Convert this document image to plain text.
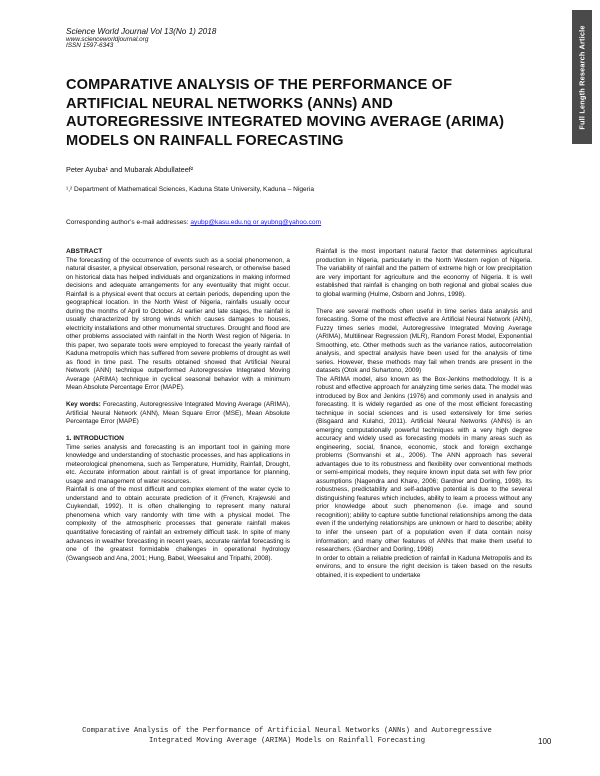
Science World Journal Vol 13(No 1) 2018
www.scienceworldjournal.org
ISSN 1597-6343	Full Length Research Article
COMPARATIVE ANALYSIS OF THE PERFORMANCE OF ARTIFICIAL NEURAL NETWORKS (ANNs) AND AUTOREGRESSIVE INTEGRATED MOVING AVERAGE (ARIMA) MODELS ON RAINFALL FORECASTING
Peter Ayuba¹ and Mubarak Abdullateef²
¹,² Department of Mathematical Sciences, Kaduna State University, Kaduna – Nigeria
Corresponding author’s e-mail addresses: ayubp@kasu.edu.ng or ayubng@yahoo.com

ABSTRACT

The forecasting of the occurrence of events such as a social phenomenon, a natural disaster, a physical observation, personal research, or otherwise based on historical data has helped individuals and organizations in making informed decisions and adequate arrangements for any eventuality that might occur. Rainfall is a physical event that occurs at certain periods, depending upon the geographical location. In the North West of Nigeria, rainfalls usually occur during the months of April to October. At earlier and late stages, the rainfall is usually characterized by strong winds which causes damages to houses, electricity installations and other monumental structures. Drought and flood are other problems associated with rainfall in the North West region of Nigeria. In this paper, two separate tools were employed to forecast the yearly rainfall of Kaduna metropolis which has suffered from severe problems of drought as well as flood in time past. The results obtained showed that Artificial Neural Network (ANN) technique outperformed Autoregressive Integrated Moving Average (ARIMA) technique in cyclical seasonal behavior with a minimum Mean Absolute Percentage Error (MAPE).

Key words: Forecasting, Autoregressive Integrated Moving Average (ARIMA), Artificial Neural Network (ANN), Mean Square Error (MSE), Mean Absolute Percentage Error (MAPE)

1. INTRODUCTION

Time series analysis and forecasting is an important tool in gaining more knowledge and understanding of stochastic processes, and has applications in meteorological phenomena, such as Temperature, Humidity, Rainfall, Drought, etc. Accurate information about rainfall is of great importance for planning, usage and management of water resources.

Rainfall is one of the most difficult and complex element of the water cycle to understand and to obtain accurate prediction of it (French, Krajewski and Cuykendall, 1992). It is often challenging to represent many natural phenomena which vary randomly with time with a physical model. The complexity of the atmospheric processes that generate rainfall makes quantitative forecasting of rainfall an extremely difficult task. In spite of many advances in weather forecasting in recent years, accurate rainfall forecasting is one of the greatest formidable challenges in operational hydrology (Gwangseob and Ana, 2001; Hung, Babel, Weesakul and Tripathi, 2008).

Rainfall is the most important natural factor that determines agricultural production in Nigeria, particularly in the North Western region of Nigeria. The variability of rainfall and the pattern of extreme high or low precipitation are very important for agriculture and the economy of Nigeria. It is well established that rainfall is changing on both regional and global scales due to global warming (Hulme, Osborn and Johns, 1998).

There are several methods often useful in time series data analysis and forecasting. Some of the most effective are Artificial Neural Network (ANN), Fuzzy times series model, Autoregressive Integrated Moving Average (ARIMA), Multilinear Regression (MLR), Random Forest Model, Exponential Smoothing, etc. Other methods such as the variance ratios, autocorrelation analysis, and spectral analysis have been used for the analysis of time series. However, these methods may fail when trends are present in the datasets (Otok and Suhartono, 2009)

The ARIMA model, also known as the Box-Jenkins methodology. It is a robust and effective approach for analyzing time series data. The model was introduced by Box and Jenkins (1976) and commonly used in analysis and forecasting. It is widely regarded as one of the most efficient forecasting technique in social sciences and is used extensively for time series (Bisgaard and Kulahci, 2011). Artificial Neural Networks (ANNs) is an emerging computationally powerful techniques with a very high degree accuracy and widely used as forecasting models in many areas such as engineering, social, finance, economic, stock and foreign exchange problems (Somvanshi et al., 2006). The ANN approach has several advantages due to its robustness and flexibility over conventional methods or semi-empirical models, they require known input data set with few prior assumptions (Nagendra and Khare, 2006; Gardner and Dorling, 1998). Its robustness, predictability and self-adaptive potential is due to the several distinguishing features which includes, ability to learn a process without any prior knowledge about such phenomenon (i.e. image and sound recognition); ability to capture subtle functional relationships among the data even if the underlying relationships are unknown or hard to describe; ability to infer the unseen part of a population even if data contain noisy information; and many other features of ANNs that make them useful to researchers. (Gardner and Dorling, 1998)

In order to obtain a reliable prediction of rainfall in Kaduna Metropolis and its environs, and to ensure the right decision is taken based on the results obtained, it is expedient to undertake

Comparative Analysis of the Performance of Artificial Neural Networks (ANNs) and Autoregressive Integrated Moving Average (ARIMA) Models on Rainfall Forecasting	100
